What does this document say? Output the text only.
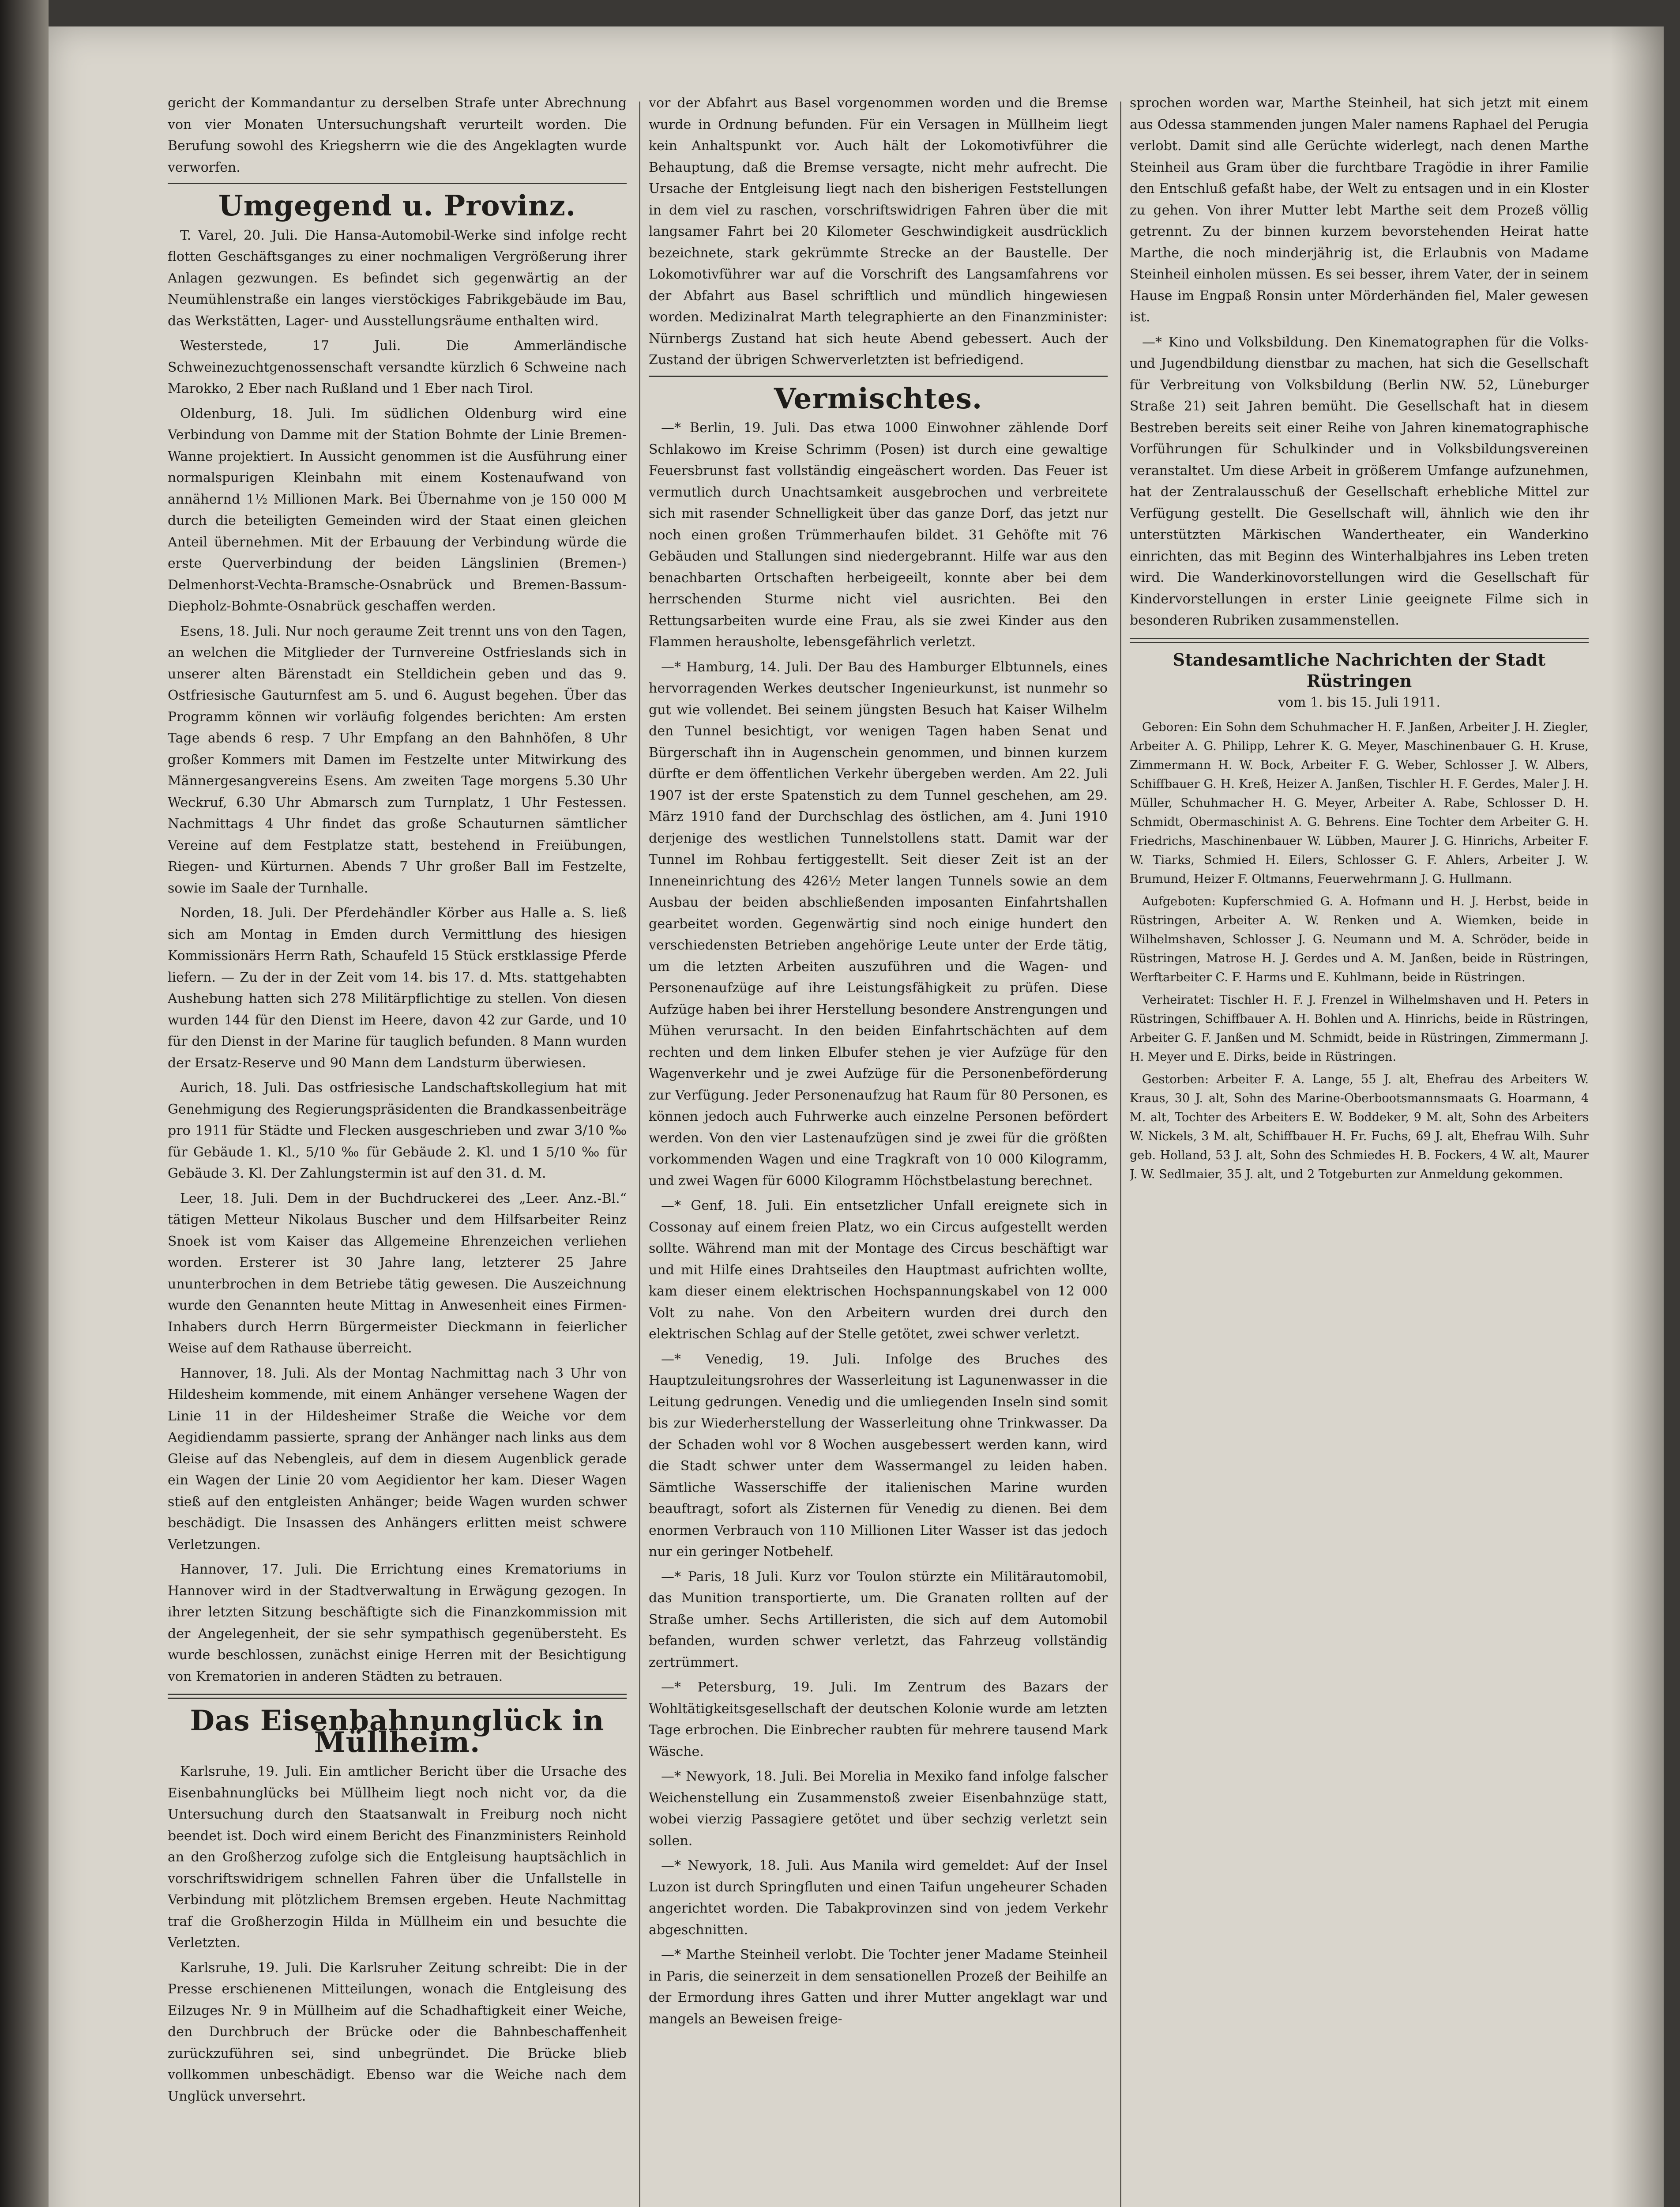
gericht der Kommandantur zu derselben Strafe unter Abrechnung von vier Monaten Untersuchungshaft verurteilt worden. Die Berufung sowohl des Kriegsherrn wie die des Angeklagten wurde verworfen.

Umgegend u. Provinz.

T. Varel, 20. Juli. Die Hansa-Automobil-Werke sind infolge recht flotten Geschäftsganges zu einer nochmaligen Vergrößerung ihrer Anlagen gezwungen. Es befindet sich gegenwärtig an der Neumühlenstraße ein langes vierstöckiges Fabrikgebäude im Bau, das Werkstätten, Lager- und Ausstellungsräume enthalten wird.

Westerstede, 17 Juli. Die Ammerländische Schweinezuchtgenossenschaft versandte kürzlich 6 Schweine nach Marokko, 2 Eber nach Rußland und 1 Eber nach Tirol.

Oldenburg, 18. Juli. Im südlichen Oldenburg wird eine Verbindung von Damme mit der Station Bohmte der Linie Bremen-Wanne projektiert. In Aussicht genommen ist die Ausführung einer normalspurigen Kleinbahn mit einem Kostenaufwand von annähernd 1½ Millionen Mark. Bei Übernahme von je 150 000 M durch die beteiligten Gemeinden wird der Staat einen gleichen Anteil übernehmen. Mit der Erbauung der Verbindung würde die erste Querverbindung der beiden Längslinien (Bremen-) Delmenhorst-Vechta-Bramsche-Osnabrück und Bremen-Bassum-Diepholz-Bohmte-Osnabrück geschaffen werden.

Esens, 18. Juli. Nur noch geraume Zeit trennt uns von den Tagen, an welchen die Mitglieder der Turnvereine Ostfrieslands sich in unserer alten Bärenstadt ein Stelldichein geben und das 9. Ostfriesische Gauturnfest am 5. und 6. August begehen. Über das Programm können wir vorläufig folgendes berichten: Am ersten Tage abends 6 resp. 7 Uhr Empfang an den Bahnhöfen, 8 Uhr großer Kommers mit Damen im Festzelte unter Mitwirkung des Männergesangvereins Esens. Am zweiten Tage morgens 5.30 Uhr Weckruf, 6.30 Uhr Abmarsch zum Turnplatz, 1 Uhr Festessen. Nachmittags 4 Uhr findet das große Schauturnen sämtlicher Vereine auf dem Festplatze statt, bestehend in Freiübungen, Riegen- und Kürturnen. Abends 7 Uhr großer Ball im Festzelte, sowie im Saale der Turnhalle.

Norden, 18. Juli. Der Pferdehändler Körber aus Halle a. S. ließ sich am Montag in Emden durch Vermittlung des hiesigen Kommissionärs Herrn Rath, Schaufeld 15 Stück erstklassige Pferde liefern. — Zu der in der Zeit vom 14. bis 17. d. Mts. stattgehabten Aushebung hatten sich 278 Militärpflichtige zu stellen. Von diesen wurden 144 für den Dienst im Heere, davon 42 zur Garde, und 10 für den Dienst in der Marine für tauglich befunden. 8 Mann wurden der Ersatz-Reserve und 90 Mann dem Landsturm überwiesen.

Aurich, 18. Juli. Das ostfriesische Landschaftskollegium hat mit Genehmigung des Regierungspräsidenten die Brandkassenbeiträge pro 1911 für Städte und Flecken ausgeschrieben und zwar 3/10 ‰ für Gebäude 1. Kl., 5/10 ‰ für Gebäude 2. Kl. und 1 5/10 ‰ für Gebäude 3. Kl. Der Zahlungstermin ist auf den 31. d. M.

Leer, 18. Juli. Dem in der Buchdruckerei des „Leer. Anz.-Bl.“ tätigen Metteur Nikolaus Buscher und dem Hilfsarbeiter Reinz Snoek ist vom Kaiser das Allgemeine Ehrenzeichen verliehen worden. Ersterer ist 30 Jahre lang, letzterer 25 Jahre ununterbrochen in dem Betriebe tätig gewesen. Die Auszeichnung wurde den Genannten heute Mittag in Anwesenheit eines Firmen-Inhabers durch Herrn Bürgermeister Dieckmann in feierlicher Weise auf dem Rathause überreicht.

Hannover, 18. Juli. Als der Montag Nachmittag nach 3 Uhr von Hildesheim kommende, mit einem Anhänger versehene Wagen der Linie 11 in der Hildesheimer Straße die Weiche vor dem Aegidiendamm passierte, sprang der Anhänger nach links aus dem Gleise auf das Nebengleis, auf dem in diesem Augenblick gerade ein Wagen der Linie 20 vom Aegidientor her kam. Dieser Wagen stieß auf den entgleisten Anhänger; beide Wagen wurden schwer beschädigt. Die Insassen des Anhängers erlitten meist schwere Verletzungen.

Hannover, 17. Juli. Die Errichtung eines Krematoriums in Hannover wird in der Stadtverwaltung in Erwägung gezogen. In ihrer letzten Sitzung beschäftigte sich die Finanzkommission mit der Angelegenheit, der sie sehr sympathisch gegenübersteht. Es wurde beschlossen, zunächst einige Herren mit der Besichtigung von Krematorien in anderen Städten zu betrauen.

Das Eisenbahnunglück in Müllheim.

Karlsruhe, 19. Juli. Ein amtlicher Bericht über die Ursache des Eisenbahnunglücks bei Müllheim liegt noch nicht vor, da die Untersuchung durch den Staatsanwalt in Freiburg noch nicht beendet ist. Doch wird einem Bericht des Finanzministers Reinhold an den Großherzog zufolge sich die Entgleisung hauptsächlich in vorschriftswidrigem schnellen Fahren über die Unfallstelle in Verbindung mit plötzlichem Bremsen ergeben. Heute Nachmittag traf die Großherzogin Hilda in Müllheim ein und besuchte die Verletzten.

Karlsruhe, 19. Juli. Die Karlsruher Zeitung schreibt: Die in der Presse erschienenen Mitteilungen, wonach die Entgleisung des Eilzuges Nr. 9 in Müllheim auf die Schadhaftigkeit einer Weiche, den Durchbruch der Brücke oder die Bahnbeschaffenheit zurückzuführen sei, sind unbegründet. Die Brücke blieb vollkommen unbeschädigt. Ebenso war die Weiche nach dem Unglück unversehrt.

vor der Abfahrt aus Basel vorgenommen worden und die Bremse wurde in Ordnung befunden. Für ein Versagen in Müllheim liegt kein Anhaltspunkt vor. Auch hält der Lokomotivführer die Behauptung, daß die Bremse versagte, nicht mehr aufrecht. Die Ursache der Entgleisung liegt nach den bisherigen Feststellungen in dem viel zu raschen, vorschriftswidrigen Fahren über die mit langsamer Fahrt bei 20 Kilometer Geschwindigkeit ausdrücklich bezeichnete, stark gekrümmte Strecke an der Baustelle. Der Lokomotivführer war auf die Vorschrift des Langsamfahrens vor der Abfahrt aus Basel schriftlich und mündlich hingewiesen worden. Medizinalrat Marth telegraphierte an den Finanzminister: Nürnbergs Zustand hat sich heute Abend gebessert. Auch der Zustand der übrigen Schwerverletzten ist befriedigend.

Vermischtes.

—* Berlin, 19. Juli. Das etwa 1000 Einwohner zählende Dorf Schlakowo im Kreise Schrimm (Posen) ist durch eine gewaltige Feuersbrunst fast vollständig eingeäschert worden. Das Feuer ist vermutlich durch Unachtsamkeit ausgebrochen und verbreitete sich mit rasender Schnelligkeit über das ganze Dorf, das jetzt nur noch einen großen Trümmerhaufen bildet. 31 Gehöfte mit 76 Gebäuden und Stallungen sind niedergebrannt. Hilfe war aus den benachbarten Ortschaften herbeigeeilt, konnte aber bei dem herrschenden Sturme nicht viel ausrichten. Bei den Rettungsarbeiten wurde eine Frau, als sie zwei Kinder aus den Flammen herausholte, lebensgefährlich verletzt.

—* Hamburg, 14. Juli. Der Bau des Hamburger Elbtunnels, eines hervorragenden Werkes deutscher Ingenieurkunst, ist nunmehr so gut wie vollendet. Bei seinem jüngsten Besuch hat Kaiser Wilhelm den Tunnel besichtigt, vor wenigen Tagen haben Senat und Bürgerschaft ihn in Augenschein genommen, und binnen kurzem dürfte er dem öffentlichen Verkehr übergeben werden. Am 22. Juli 1907 ist der erste Spatenstich zu dem Tunnel geschehen, am 29. März 1910 fand der Durchschlag des östlichen, am 4. Juni 1910 derjenige des westlichen Tunnelstollens statt. Damit war der Tunnel im Rohbau fertiggestellt. Seit dieser Zeit ist an der Inneneinrichtung des 426½ Meter langen Tunnels sowie an dem Ausbau der beiden abschließenden imposanten Einfahrtshallen gearbeitet worden. Gegenwärtig sind noch einige hundert den verschiedensten Betrieben angehörige Leute unter der Erde tätig, um die letzten Arbeiten auszuführen und die Wagen- und Personenaufzüge auf ihre Leistungsfähigkeit zu prüfen. Diese Aufzüge haben bei ihrer Herstellung besondere Anstrengungen und Mühen verursacht. In den beiden Einfahrtschächten auf dem rechten und dem linken Elbufer stehen je vier Aufzüge für den Wagenverkehr und je zwei Aufzüge für die Personenbeförderung zur Verfügung. Jeder Personenaufzug hat Raum für 80 Personen, es können jedoch auch Fuhrwerke auch einzelne Personen befördert werden. Von den vier Lastenaufzügen sind je zwei für die größten vorkommenden Wagen und eine Tragkraft von 10 000 Kilogramm, und zwei Wagen für 6000 Kilogramm Höchstbelastung berechnet.

—* Genf, 18. Juli. Ein entsetzlicher Unfall ereignete sich in Cossonay auf einem freien Platz, wo ein Circus aufgestellt werden sollte. Während man mit der Montage des Circus beschäftigt war und mit Hilfe eines Drahtseiles den Hauptmast aufrichten wollte, kam dieser einem elektrischen Hochspannungskabel von 12 000 Volt zu nahe. Von den Arbeitern wurden drei durch den elektrischen Schlag auf der Stelle getötet, zwei schwer verletzt.

—* Venedig, 19. Juli. Infolge des Bruches des Hauptzuleitungsrohres der Wasserleitung ist Lagunenwasser in die Leitung gedrungen. Venedig und die umliegenden Inseln sind somit bis zur Wiederherstellung der Wasserleitung ohne Trinkwasser. Da der Schaden wohl vor 8 Wochen ausgebessert werden kann, wird die Stadt schwer unter dem Wassermangel zu leiden haben. Sämtliche Wasserschiffe der italienischen Marine wurden beauftragt, sofort als Zisternen für Venedig zu dienen. Bei dem enormen Verbrauch von 110 Millionen Liter Wasser ist das jedoch nur ein geringer Notbehelf.

—* Paris, 18 Juli. Kurz vor Toulon stürzte ein Militärautomobil, das Munition transportierte, um. Die Granaten rollten auf der Straße umher. Sechs Artilleristen, die sich auf dem Automobil befanden, wurden schwer verletzt, das Fahrzeug vollständig zertrümmert.

—* Petersburg, 19. Juli. Im Zentrum des Bazars der Wohltätigkeitsgesellschaft der deutschen Kolonie wurde am letzten Tage erbrochen. Die Einbrecher raubten für mehrere tausend Mark Wäsche.

—* Newyork, 18. Juli. Bei Morelia in Mexiko fand infolge falscher Weichenstellung ein Zusammenstoß zweier Eisenbahnzüge statt, wobei vierzig Passagiere getötet und über sechzig verletzt sein sollen.

—* Newyork, 18. Juli. Aus Manila wird gemeldet: Auf der Insel Luzon ist durch Springfluten und einen Taifun ungeheurer Schaden angerichtet worden. Die Tabakprovinzen sind von jedem Verkehr abgeschnitten.

—* Marthe Steinheil verlobt. Die Tochter jener Madame Steinheil in Paris, die seinerzeit in dem sensationellen Prozeß der Beihilfe an der Ermordung ihres Gatten und ihrer Mutter angeklagt war und mangels an Beweisen freige-

sprochen worden war, Marthe Steinheil, hat sich jetzt mit einem aus Odessa stammenden jungen Maler namens Raphael del Perugia verlobt. Damit sind alle Gerüchte widerlegt, nach denen Marthe Steinheil aus Gram über die furchtbare Tragödie in ihrer Familie den Entschluß gefaßt habe, der Welt zu entsagen und in ein Kloster zu gehen. Von ihrer Mutter lebt Marthe seit dem Prozeß völlig getrennt. Zu der binnen kurzem bevorstehenden Heirat hatte Marthe, die noch minderjährig ist, die Erlaubnis von Madame Steinheil einholen müssen. Es sei besser, ihrem Vater, der in seinem Hause im Engpaß Ronsin unter Mörderhänden fiel, Maler gewesen ist.

—* Kino und Volksbildung. Den Kinematographen für die Volks- und Jugendbildung dienstbar zu machen, hat sich die Gesellschaft für Verbreitung von Volksbildung (Berlin NW. 52, Lüneburger Straße 21) seit Jahren bemüht. Die Gesellschaft hat in diesem Bestreben bereits seit einer Reihe von Jahren kinematographische Vorführungen für Schulkinder und in Volksbildungsvereinen veranstaltet. Um diese Arbeit in größerem Umfange aufzunehmen, hat der Zentralausschuß der Gesellschaft erhebliche Mittel zur Verfügung gestellt. Die Gesellschaft will, ähnlich wie den ihr unterstützten Märkischen Wandertheater, ein Wanderkino einrichten, das mit Beginn des Winterhalbjahres ins Leben treten wird. Die Wanderkinovorstellungen wird die Gesellschaft für Kindervorstellungen in erster Linie geeignete Filme sich in besonderen Rubriken zusammenstellen.

Standesamtliche Nachrichten der Stadt Rüstringen
vom 1. bis 15. Juli 1911.

Geboren: Ein Sohn dem Schuhmacher H. F. Janßen, Arbeiter J. H. Ziegler, Arbeiter A. G. Philipp, Lehrer K. G. Meyer, Maschinenbauer G. H. Kruse, Zimmermann H. W. Bock, Arbeiter F. G. Weber, Schlosser J. W. Albers, Schiffbauer G. H. Kreß, Heizer A. Janßen, Tischler H. F. Gerdes, Maler J. H. Müller, Schuhmacher H. G. Meyer, Arbeiter A. Rabe, Schlosser D. H. Schmidt, Obermaschinist A. G. Behrens. Eine Tochter dem Arbeiter G. H. Friedrichs, Maschinenbauer W. Lübben, Maurer J. G. Hinrichs, Arbeiter F. W. Tiarks, Schmied H. Eilers, Schlosser G. F. Ahlers, Arbeiter J. W. Brumund, Heizer F. Oltmanns, Feuerwehrmann J. G. Hullmann.

Aufgeboten: Kupferschmied G. A. Hofmann und H. J. Herbst, beide in Rüstringen, Arbeiter A. W. Renken und A. Wiemken, beide in Wilhelmshaven, Schlosser J. G. Neumann und M. A. Schröder, beide in Rüstringen, Matrose H. J. Gerdes und A. M. Janßen, beide in Rüstringen, Werftarbeiter C. F. Harms und E. Kuhlmann, beide in Rüstringen.

Verheiratet: Tischler H. F. J. Frenzel in Wilhelmshaven und H. Peters in Rüstringen, Schiffbauer A. H. Bohlen und A. Hinrichs, beide in Rüstringen, Arbeiter G. F. Janßen und M. Schmidt, beide in Rüstringen, Zimmermann J. H. Meyer und E. Dirks, beide in Rüstringen.

Gestorben: Arbeiter F. A. Lange, 55 J. alt, Ehefrau des Arbeiters W. Kraus, 30 J. alt, Sohn des Marine-Oberbootsmannsmaats G. Hoarmann, 4 M. alt, Tochter des Arbeiters E. W. Boddeker, 9 M. alt, Sohn des Arbeiters W. Nickels, 3 M. alt, Schiffbauer H. Fr. Fuchs, 69 J. alt, Ehefrau Wilh. Suhr geb. Holland, 53 J. alt, Sohn des Schmiedes H. B. Fockers, 4 W. alt, Maurer J. W. Sedlmaier, 35 J. alt, und 2 Totgeburten zur Anmeldung gekommen.
